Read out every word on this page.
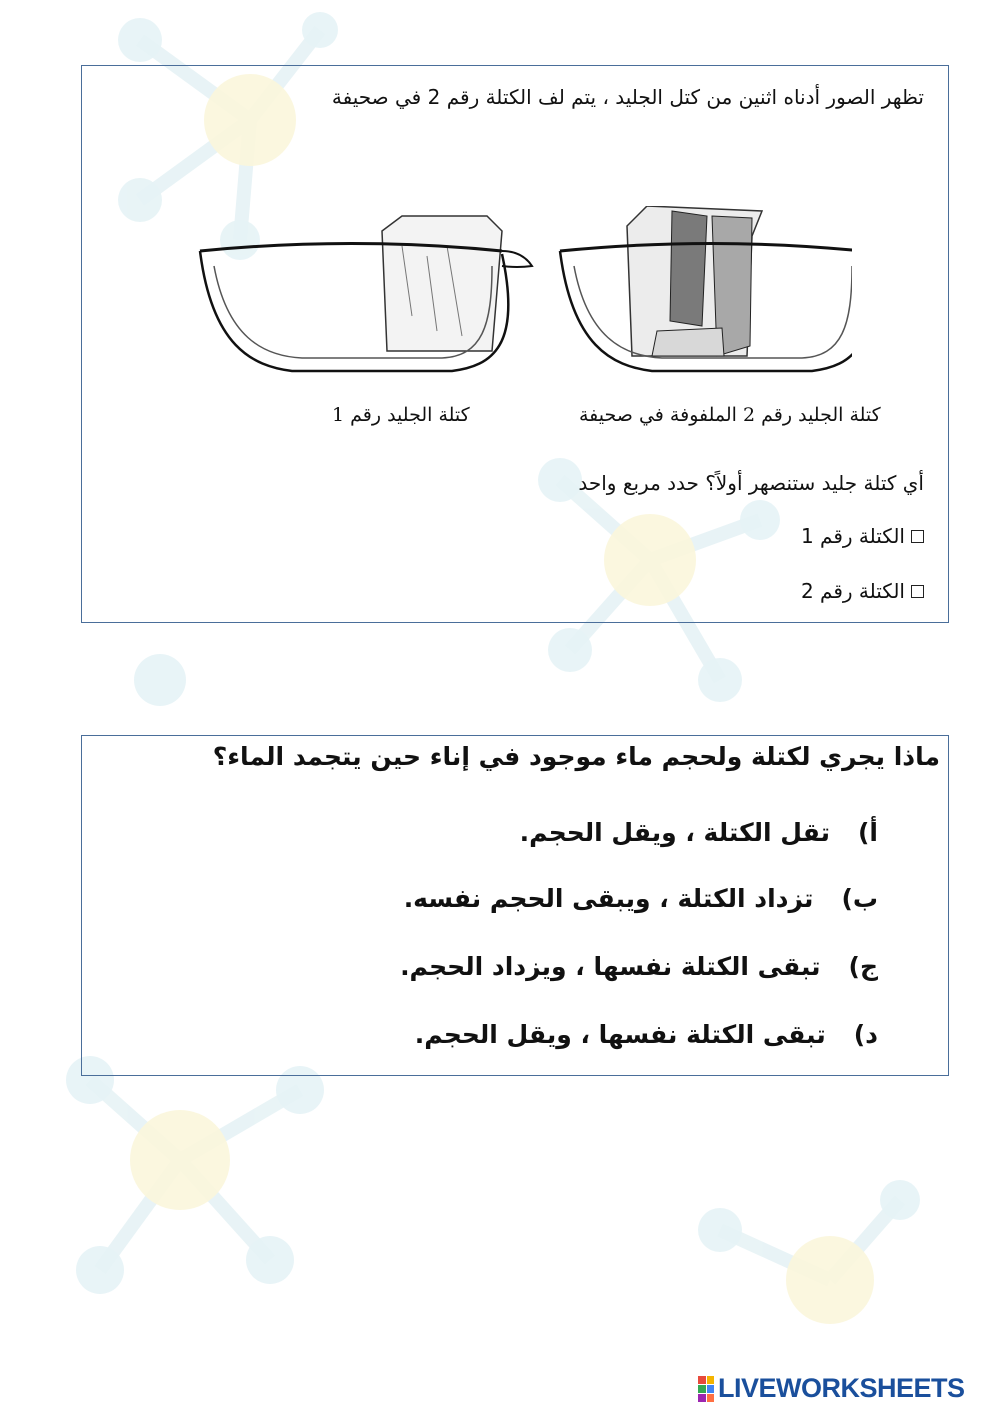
تظهر الصور أدناه اثنين من كتل الجليد ، يتم لف الكتلة رقم 2 في صحيفة
كتلة الجليد رقم 1	كتلة الجليد رقم 2 الملفوفة في صحيفة
أي كتلة جليد ستنصهر أولاً؟ حدد مربع واحد
الكتلة رقم 1
الكتلة رقم 2
ماذا يجري لكتلة ولحجم ماء موجود في إناء حين يتجمد الماء؟
أ)
تقل الكتلة ، ويقل الحجم.
ب)
تزداد الكتلة ، ويبقى الحجم نفسه.
ج)
تبقى الكتلة نفسها ، ويزداد الحجم.
د)
تبقى الكتلة نفسها ، ويقل الحجم.
LIVEWORKSHEETS
